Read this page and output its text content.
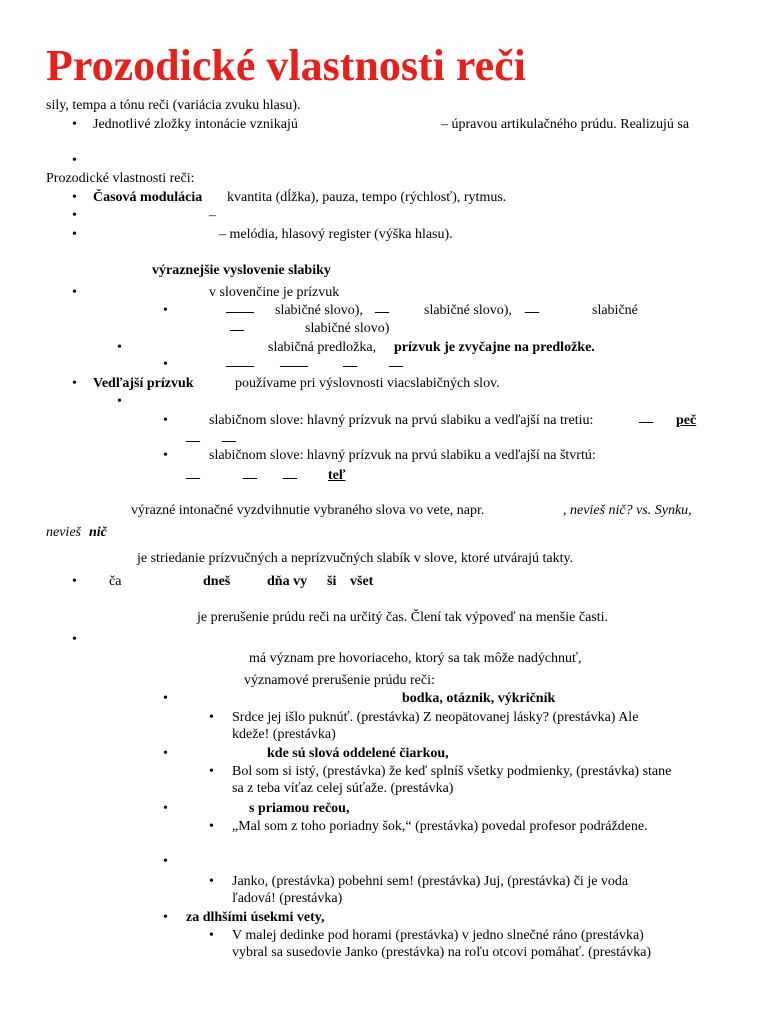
Prozodické vlastnosti reči
sily, tempa a tónu reči (variácia zvuku hlasu).
• Jednotlivé zložky intonácie vznikajú	– úpravou artikulačného prúdu. Realizujú sa
•
Prozodické vlastnosti reči:
• Časová modulácia kvantita (dĺžka), pauza, tempo (rýchlosť), rytmus.
•	–
•	– melódia, hlasový register (výška hlasu).
výraznejšie vyslovenie slabiky
•	v slovenčine je prízvuk
•	____ slabičné slovo), __	slabičné slovo), __	slabičné
__	slabičné slovo)
•	slabičná predložka, prízvuk je zvyčajne na predložke.
•	____ ____	__ __
• Vedľajší prízvuk	používame pri výslovnosti viacslabičných slov.
•
•	slabičnom slove: hlavný prízvuk na prvú slabiku a vedľajší na tretiu:	__ peč
__ __
•	slabičnom slove: hlavný prízvuk na prvú slabiku a vedľajší na štvrtú:
__	__ __ teľ
výrazné intonačné vyzdvihnutie vybraného slova vo vete, napr.	, nevieš nič? vs. Synku,
nevieš nič
je striedanie prízvučných a neprízvučných slabík v slove, ktoré utvárajú takty.
• ča	dneš	dňa vy ši všet
je prerušenie prúdu reči na určitý čas. Člení tak výpoveď na menšie časti.
•
má význam pre hovoriaceho, ktorý sa tak môže nadýchnuť,
významové prerušenie prúdu reči:
•	bodka, otáznik, výkričník
• Srdce jej išlo puknúť. (prestávka) Z neopätovanej lásky? (prestávka) Ale
kdeže! (prestávka)
•	kde sú slová oddelené čiarkou,
• Bol som si istý, (prestávka) že keď splníš všetky podmienky, (prestávka) stane
sa z teba víťaz celej súťaže. (prestávka)
•	s priamou rečou,
• „Mal som z toho poriadny šok,“ (prestávka) povedal profesor podráždene.
•
• Janko, (prestávka) pobehni sem! (prestávka) Juj, (prestávka) či je voda
ľadová! (prestávka)
• za dlhšími úsekmi vety,
• V malej dedinke pod horami (prestávka) v jedno slnečné ráno (prestávka)
vybral sa susedovie Janko (prestávka) na roľu otcovi pomáhať. (prestávka)
